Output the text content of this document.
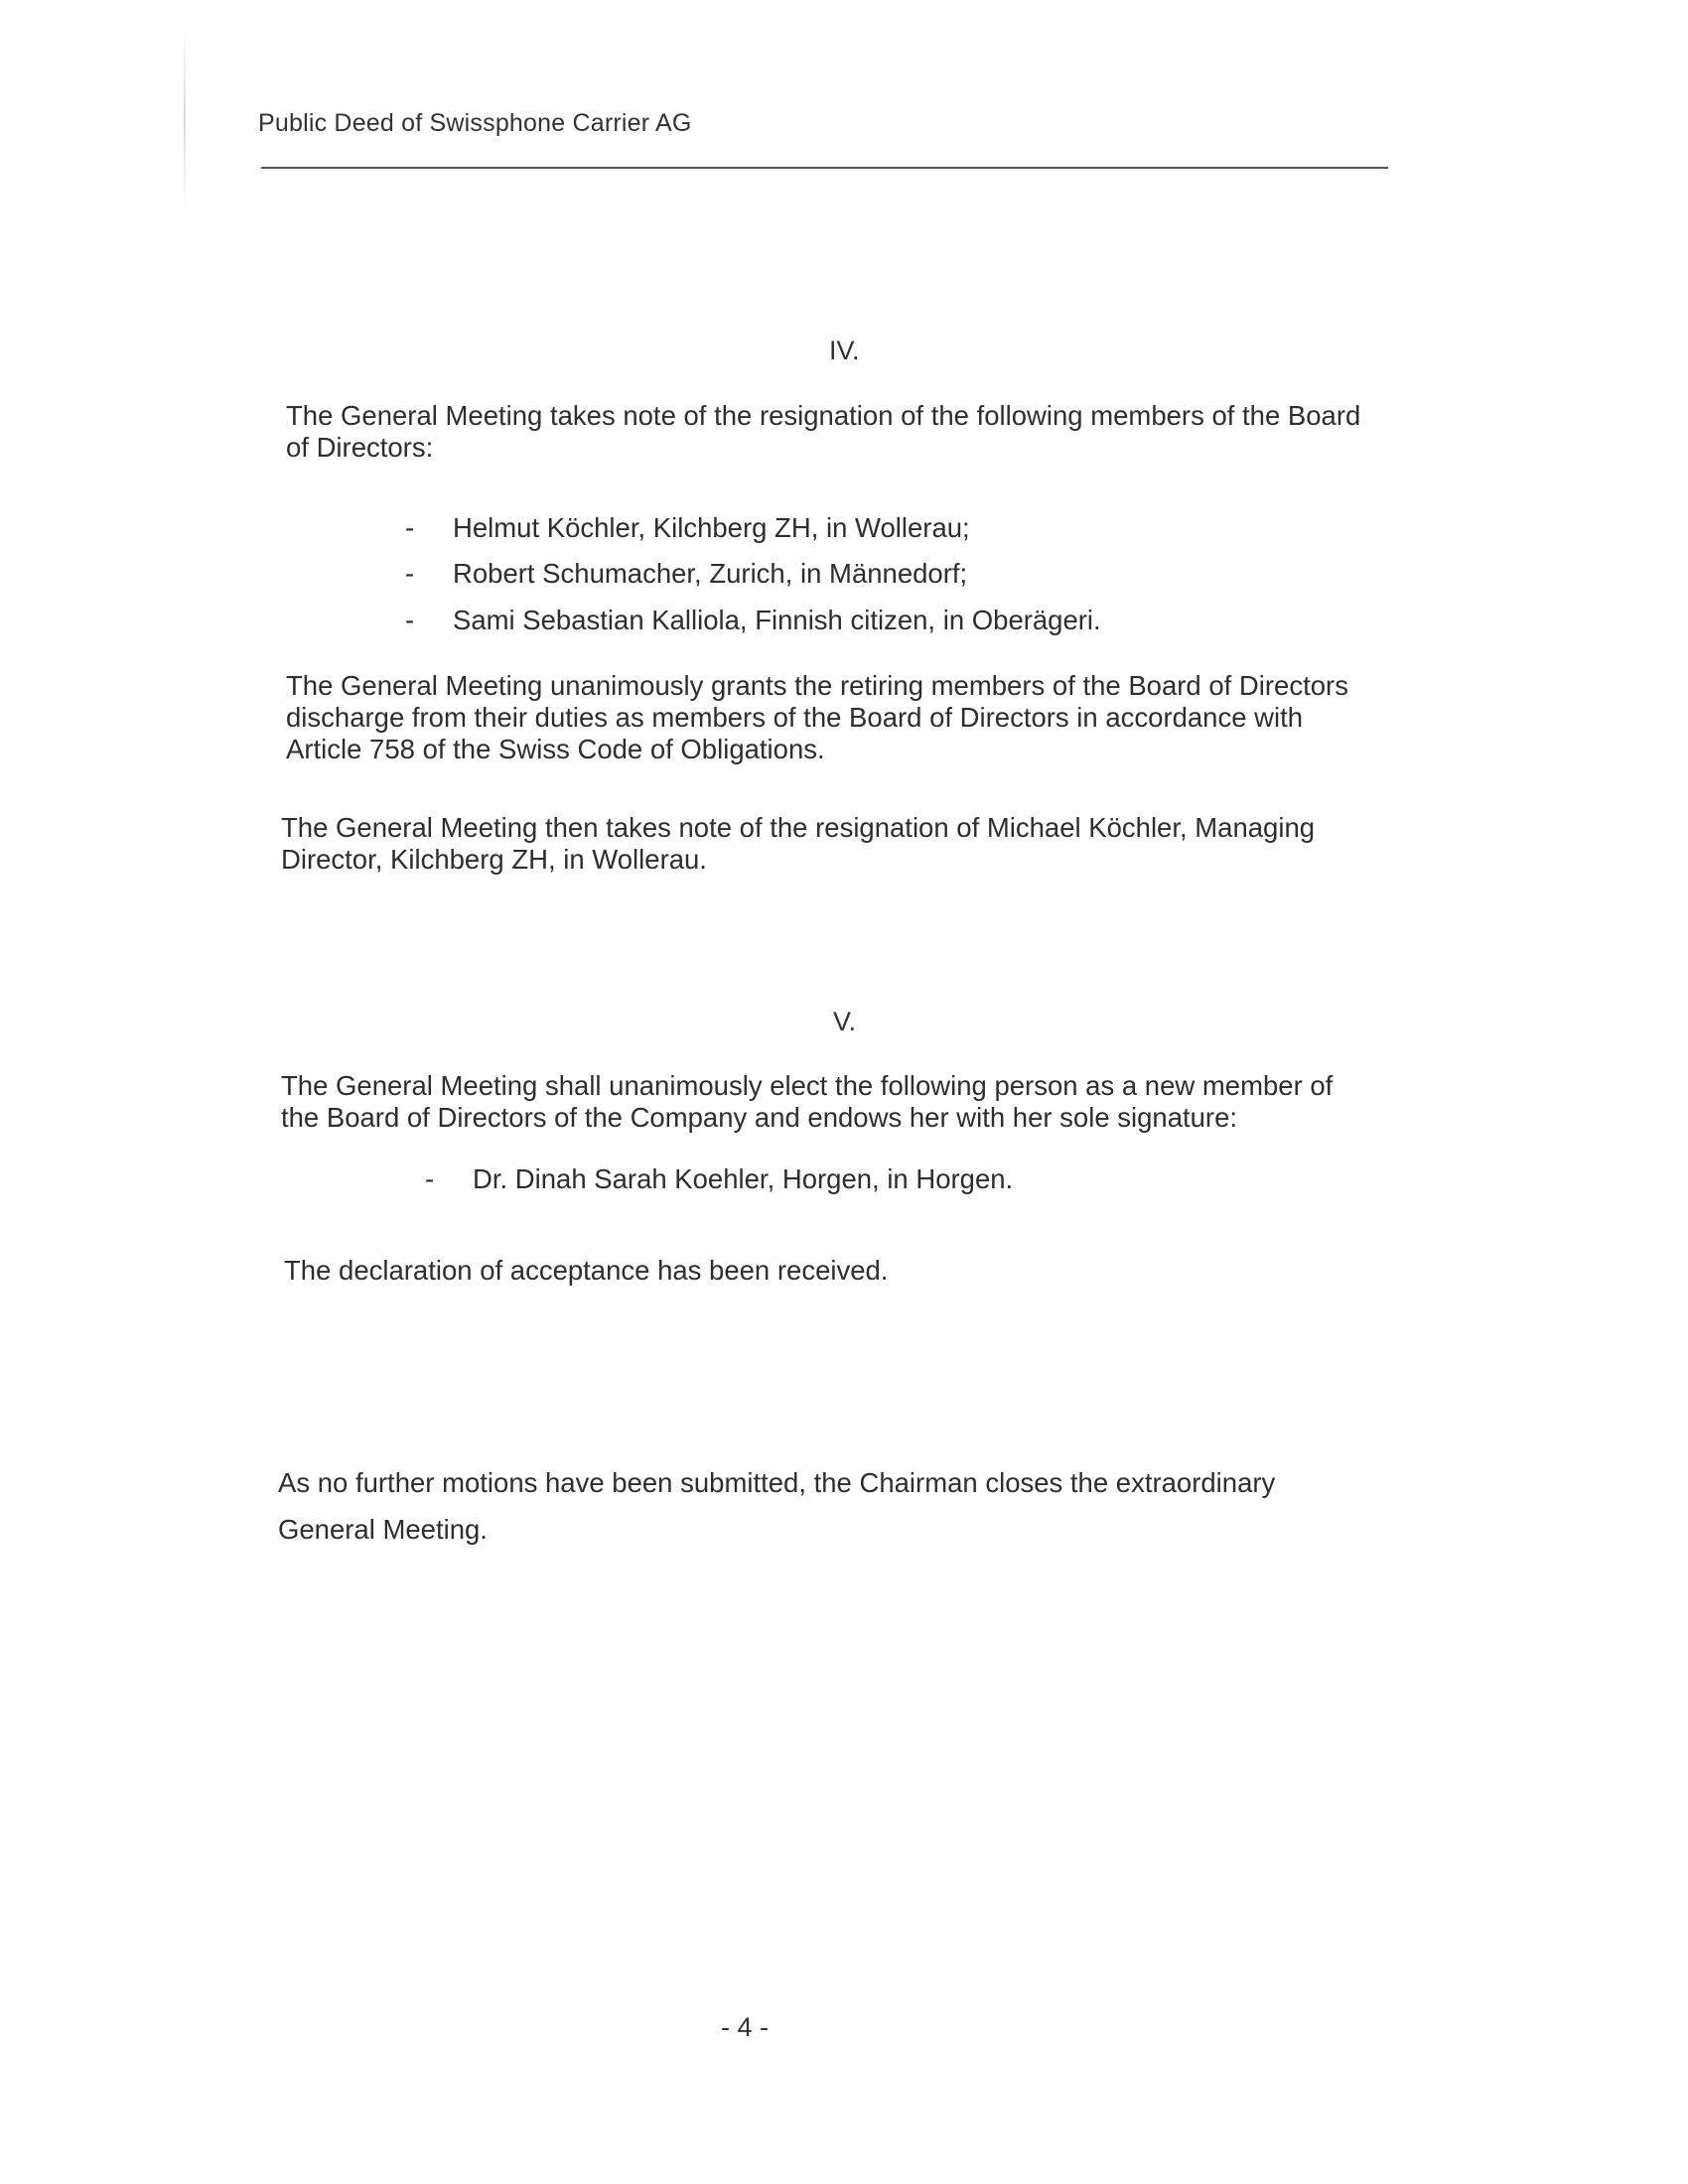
Public Deed of Swissphone Carrier AG
IV.
The General Meeting takes note of the resignation of the following members of the Board
of Directors:
- Helmut Köchler, Kilchberg ZH, in Wollerau;
- Robert Schumacher, Zurich, in Männedorf;
- Sami Sebastian Kalliola, Finnish citizen, in Oberägeri.
The General Meeting unanimously grants the retiring members of the Board of Directors
discharge from their duties as members of the Board of Directors in accordance with
Article 758 of the Swiss Code of Obligations.
The General Meeting then takes note of the resignation of Michael Köchler, Managing
Director, Kilchberg ZH, in Wollerau.
V.
The General Meeting shall unanimously elect the following person as a new member of
the Board of Directors of the Company and endows her with her sole signature:
- Dr. Dinah Sarah Koehler, Horgen, in Horgen.
The declaration of acceptance has been received.
As no further motions have been submitted, the Chairman closes the extraordinary
General Meeting.
- 4 -
